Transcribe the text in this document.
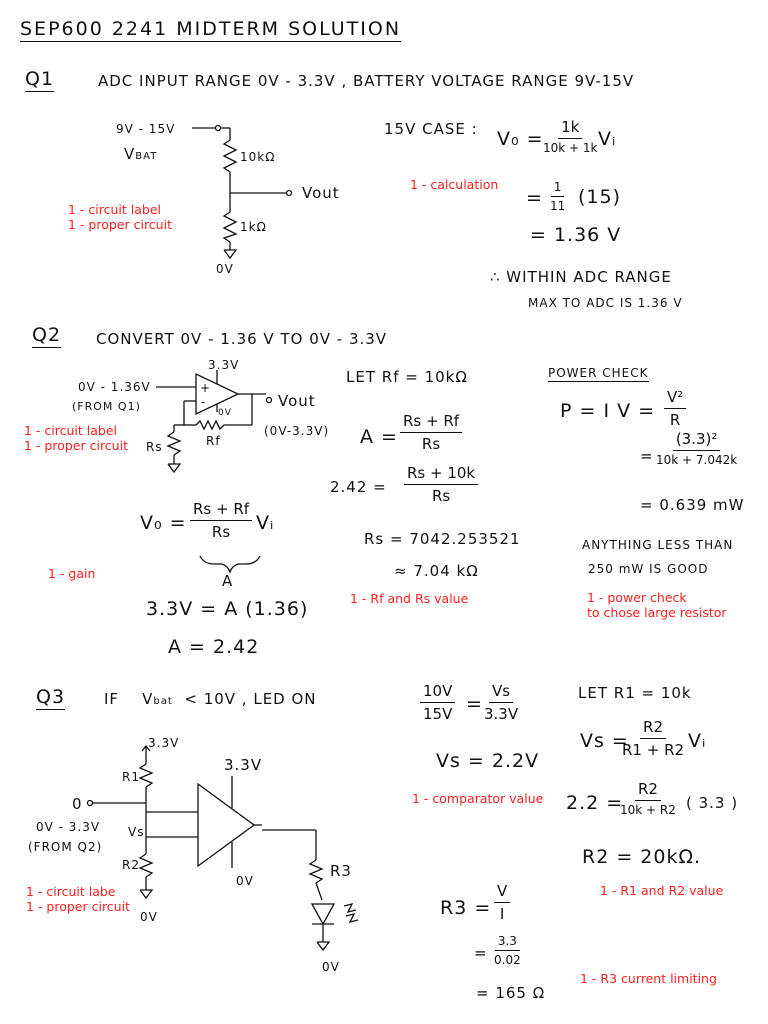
SEP600 2241 MIDTERM SOLUTION
Q1	ADC INPUT RANGE 0V - 3.3V , BATTERY VOLTAGE RANGE 9V-15V
9V - 15V
VBAT	10kΩ
Vout
1kΩ
0V
1 - circuit label
1 - proper circuit
15V CASE : V₀ =
1k
10k + 1k Vᵢ
1 - calculation
= $\frac{1}{11} (15)$
= 1.36 V
∴ WITHIN ADC RANGE
MAX TO ADC IS 1.36 V
Q2 CONVERT 0V - 1.36 V TO 0V - 3.3V
3.3V
+
-
0V
0V - 1.36V
(FROM Q1)	Vout
(0V-3.3V)
Rs	Rf
1 - circuit label
1 - proper circuit
LET Rf = 10kΩ
$A = \frac{Rs + Rf}{Rs}$
$2.42 = \frac{Rs + 10k}{Rs}$
Rs = 7042.253521
≈ 7.04 kΩ
1 - Rf and Rs value
$V_0 = \frac{Rs + Rf}{Rs}$ Vᵢ
A
1 - gain
3.3V = A (1.36)
A = 2.42
POWER CHECK
P = I $V = \frac{\text{V²}}{R}$
=
(3.3)²
10k + 7.042k
= 0.639 mW
ANYTHING LESS THAN
250 mW IS GOOD
1 - power check
to chose large resistor
Q3	IF Vbat < 10V , LED ON
3.3V
3.3V
R1
0
0V - 3.3V
(FROM Q2)
Vs
R2
0V
0V
R3
0V
1 - circuit labe
1 - proper circuit
$\frac{10V}{15V} = \frac{Vs}{3.3V}$
Vs = 2.2V
1 - comparator value
LET R1 = 10k
Vs =
$\frac{R2}{R1 + R2}$ Vᵢ
2.2 =
R2
10k + R2 ( 3.3 )
R2 = 20kΩ.
1 - R1 and R2 value
$R3 = \frac{V}{I}$
= $\frac{3.3}{0.02}$
= 165 Ω
1 - R3 current limiting
